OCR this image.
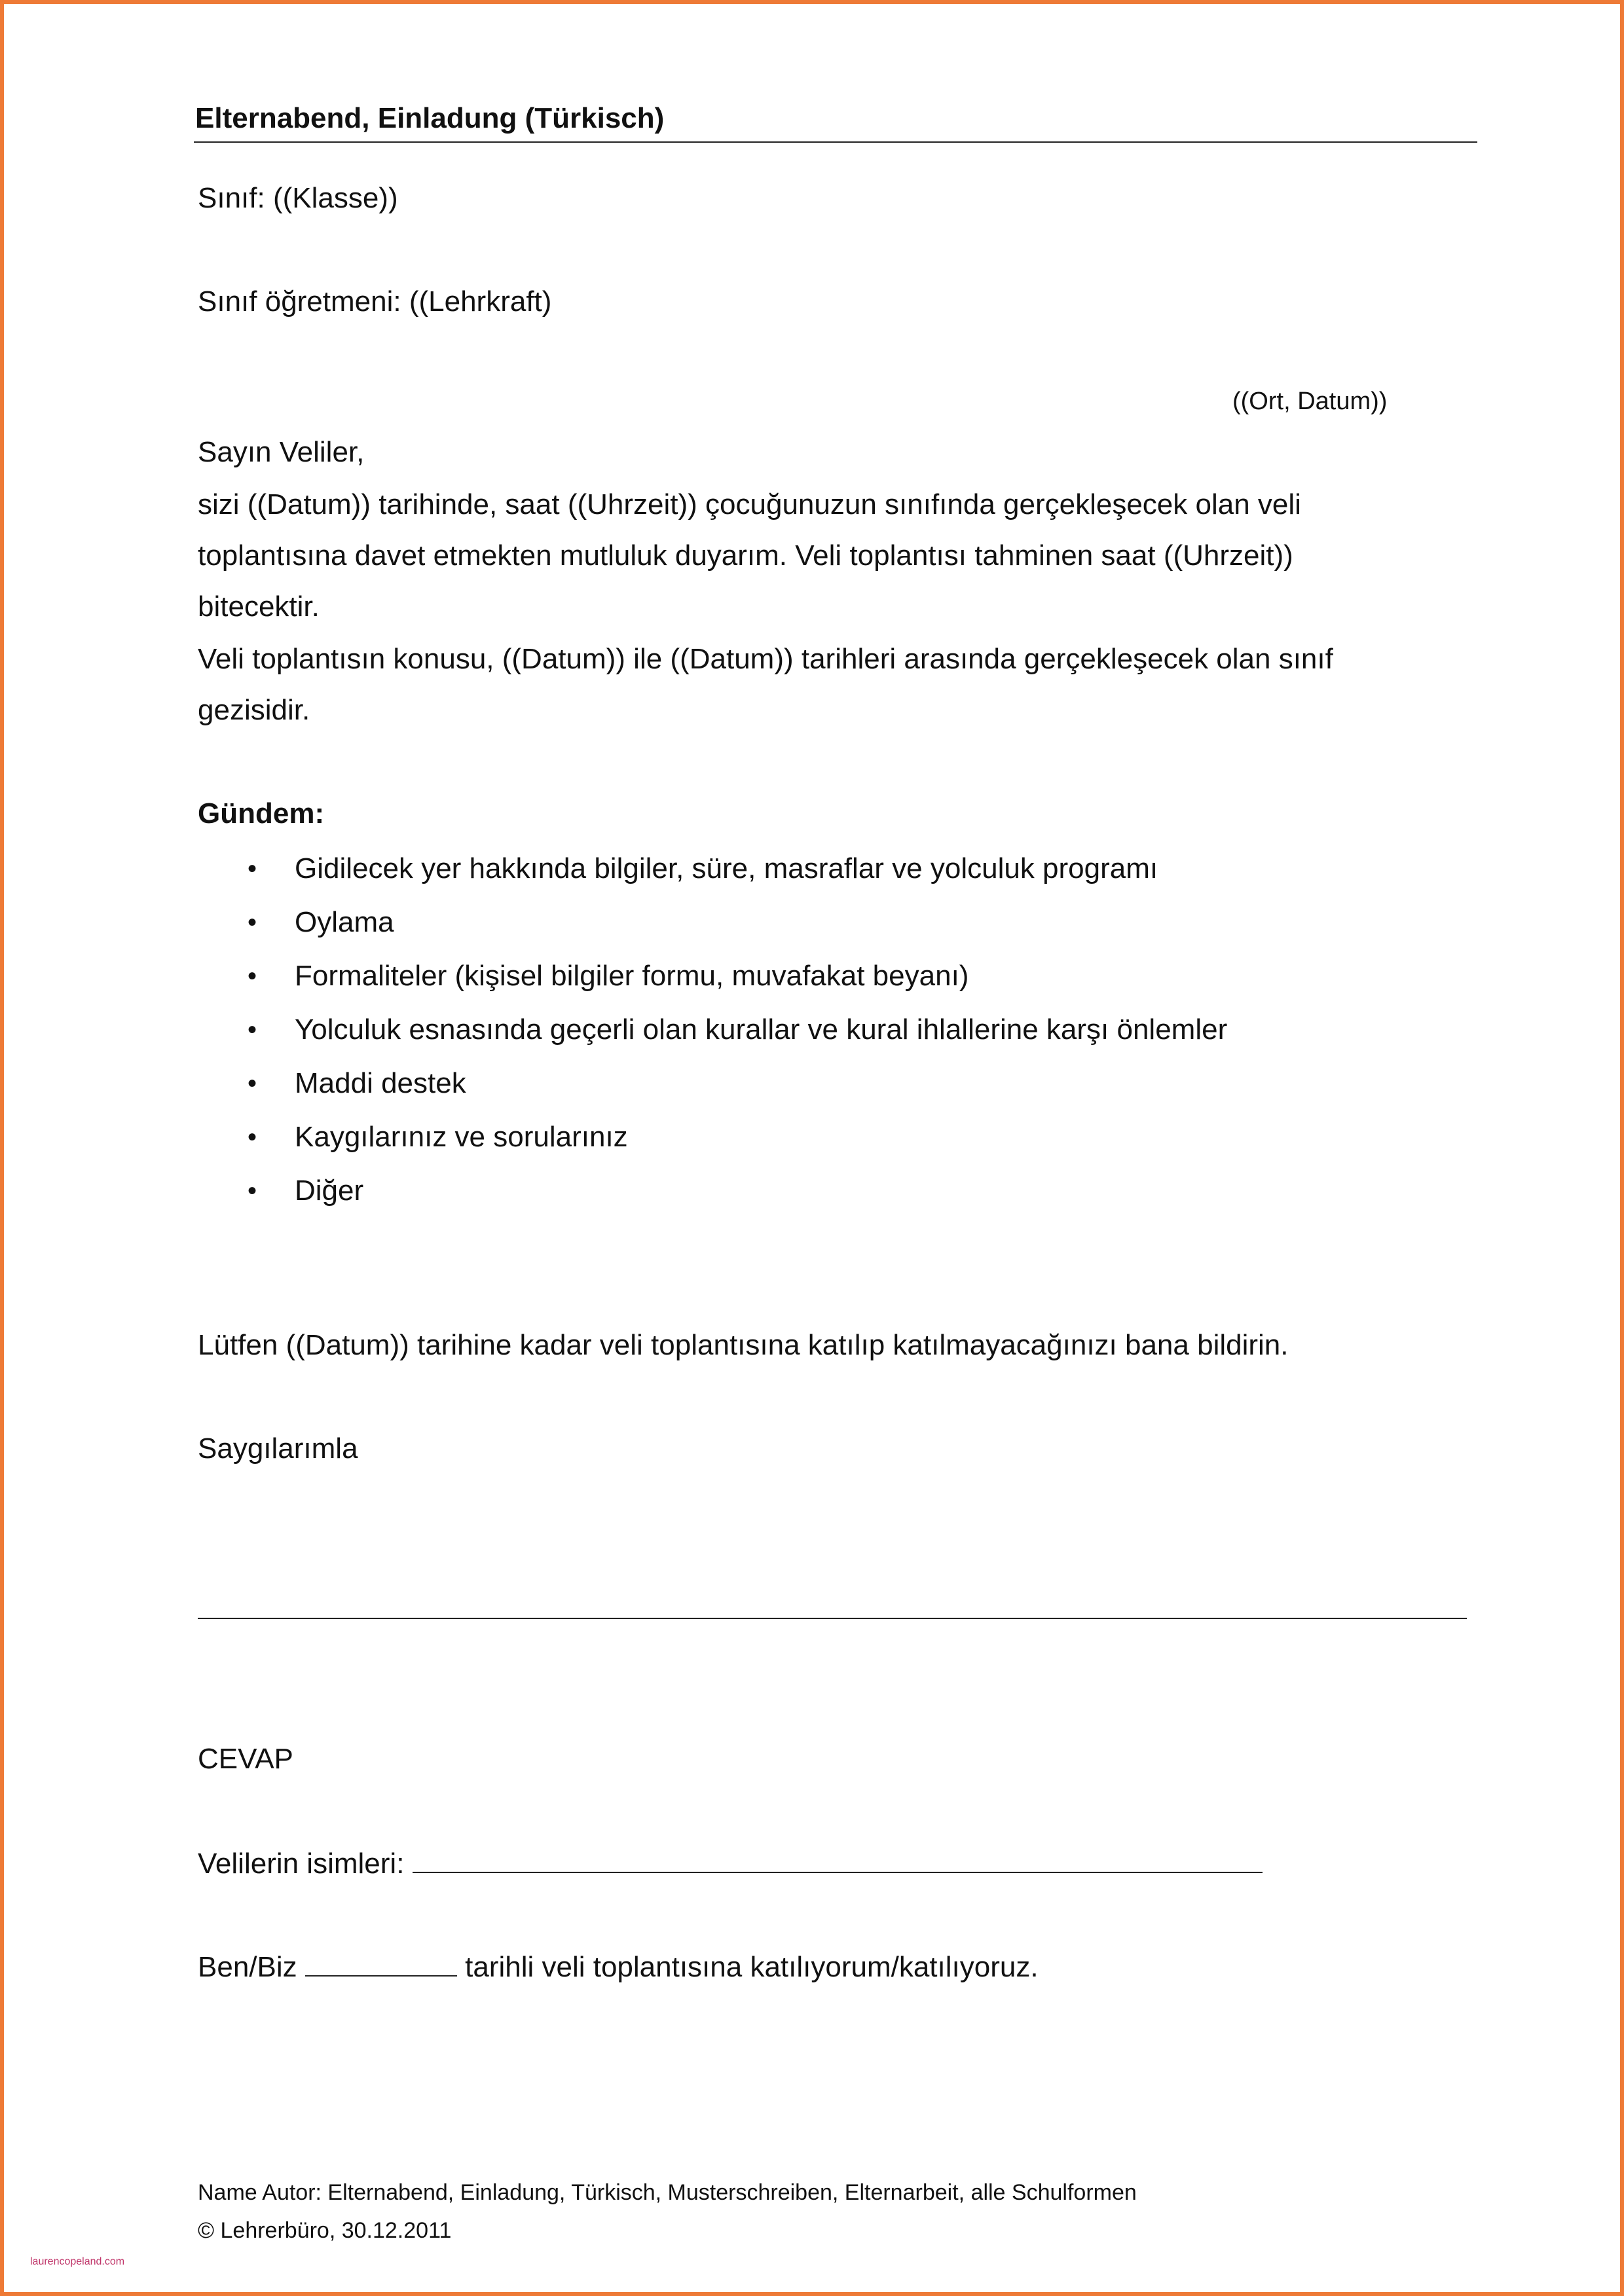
Elternabend, Einladung (Türkisch)
Sınıf: ((Klasse))
Sınıf öğretmeni: ((Lehrkraft)
((Ort, Datum))
Sayın Veliler,
sizi ((Datum)) tarihinde, saat ((Uhrzeit)) çocuğunuzun sınıfında gerçekleşecek olan veli
toplantısına davet etmekten mutluluk duyarım. Veli toplantısı tahminen saat ((Uhrzeit))
bitecektir.
Veli toplantısın konusu, ((Datum)) ile ((Datum)) tarihleri arasında gerçekleşecek olan sınıf
gezisidir.
Gündem:
• Gidilecek yer hakkında bilgiler, süre, masraflar ve yolculuk programı
• Oylama
• Formaliteler (kişisel bilgiler formu, muvafakat beyanı)
• Yolculuk esnasında geçerli olan kurallar ve kural ihlallerine karşı önlemler
• Maddi destek
• Kaygılarınız ve sorularınız
• Diğer
Lütfen ((Datum)) tarihine kadar veli toplantısına katılıp katılmayacağınızı bana bildirin.
Saygılarımla
CEVAP
Velilerin isimleri:
Ben/Biz	tarihli veli toplantısına katılıyorum/katılıyoruz.
Name Autor: Elternabend, Einladung, Türkisch, Musterschreiben, Elternarbeit, alle Schulformen
© Lehrerbüro, 30.12.2011
laurencopeland.com
